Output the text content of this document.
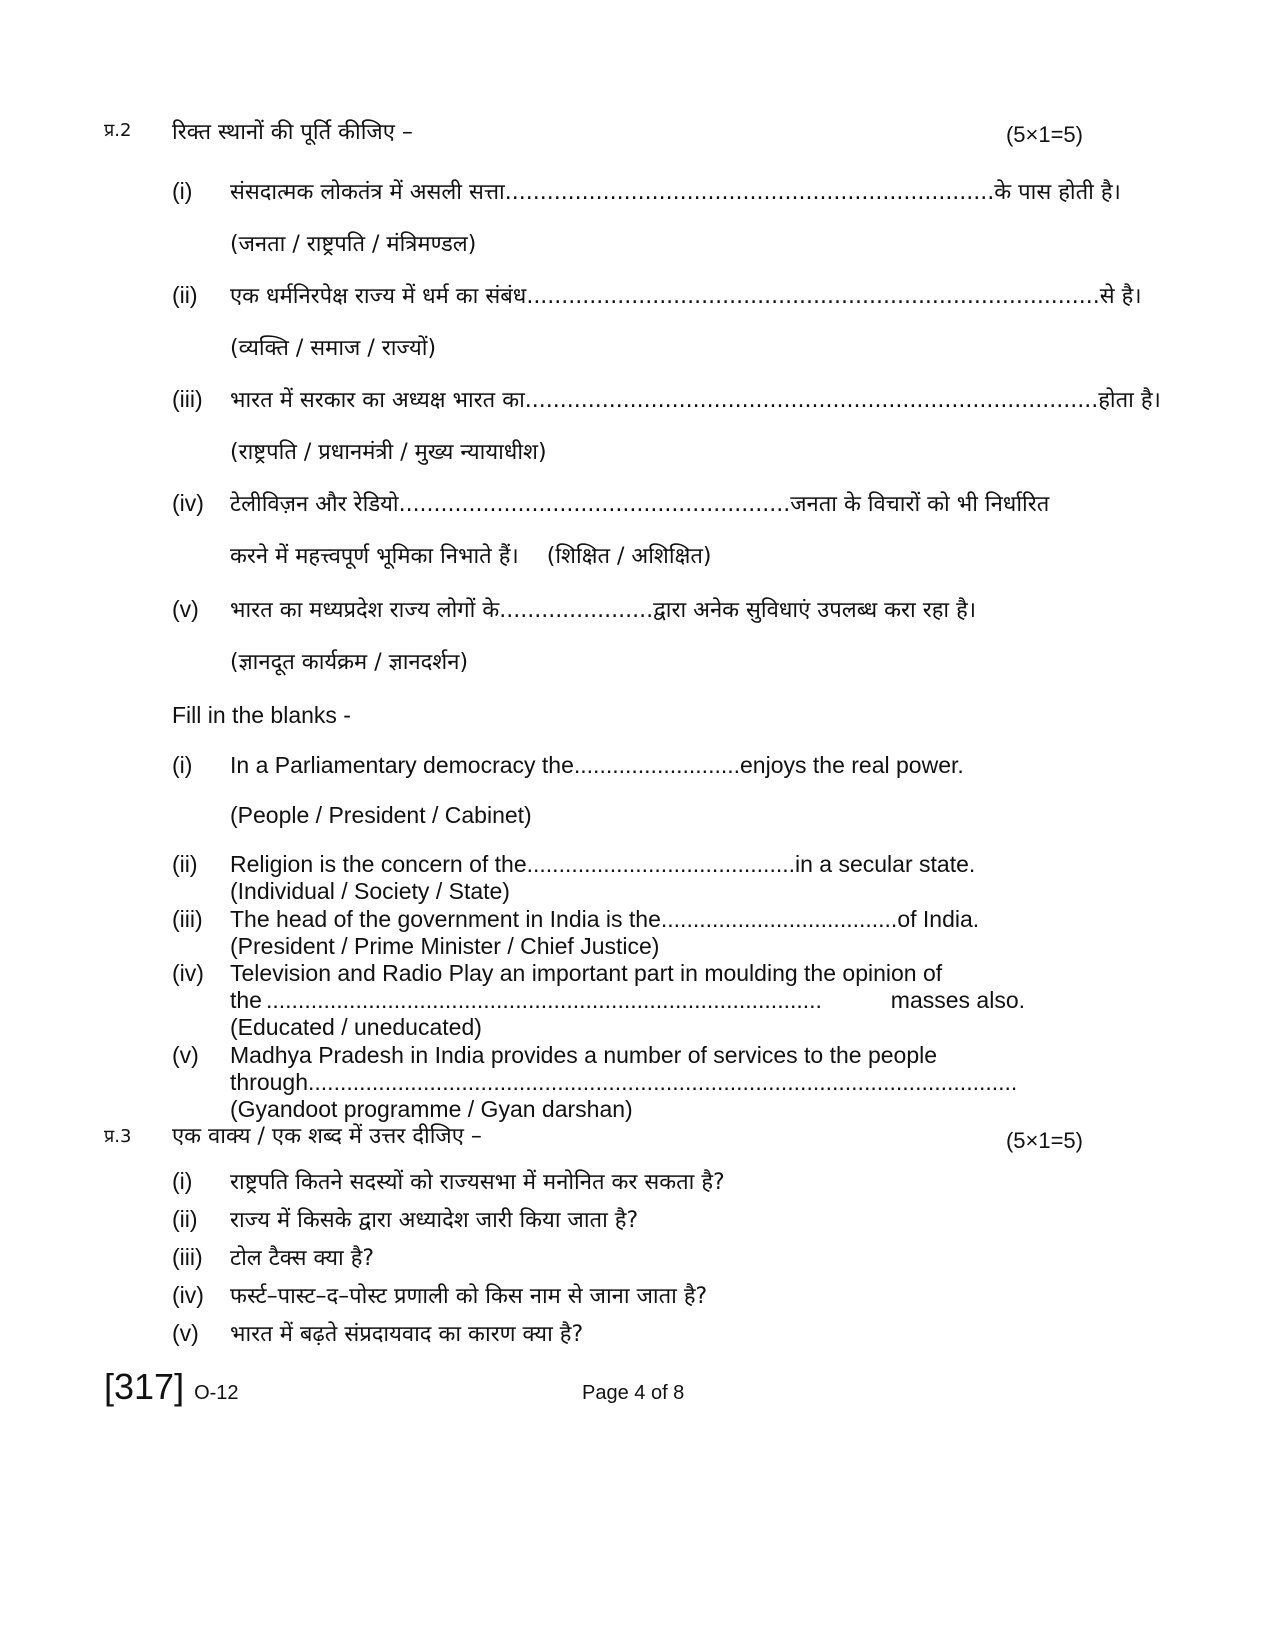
प्र.2 रिक्त स्थानों की पूर्ति कीजिए –	(5×1=5)
(i) संसदात्मक लोकतंत्र में असली सत्ता......................................................................के पास होती है।
(जनता / राष्ट्रपति / मंत्रिमण्डल)
(ii) एक धर्मनिरपेक्ष राज्य में धर्म का संबंध..................................................................................से है।
(व्यक्ति / समाज / राज्यों)
(iii) भारत में सरकार का अध्यक्ष भारत का..................................................................................होता है।
(राष्ट्रपति / प्रधानमंत्री / मुख्य न्यायाधीश)
(iv) टेलीविज़न और रेडियो........................................................जनता के विचारों को भी निर्धारित
करने में महत्त्वपूर्ण भूमिका निभाते हैं। (शिक्षित / अशिक्षित)
(v) भारत का मध्यप्रदेश राज्य लोगों के......................द्वारा अनेक सुविधाएं उपलब्ध करा रहा है।
(ज्ञानदूत कार्यक्रम / ज्ञानदर्शन)
Fill in the blanks -
(i) In a Parliamentary democracy the..........................enjoys the real power.
(People / President / Cabinet)
(ii) Religion is the concern of the..........................................in a secular state.
(Individual / Society / State)
(iii) The head of the government in India is the.....................................of India.
(President / Prime Minister / Chief Justice)
(iv) Television and Radio Play an important part in moulding the opinion of
the .......................................................................................	masses also.
(Educated / uneducated)
(v) Madhya Pradesh in India provides a number of services to the people
through...............................................................................................................
(Gyandoot programme / Gyan darshan)
प्र.3 एक वाक्य / एक शब्द में उत्तर दीजिए –	(5×1=5)
(i) राष्ट्रपति कितने सदस्यों को राज्यसभा में मनोनित कर सकता है?
(ii) राज्य में किसके द्वारा अध्यादेश जारी किया जाता है?
(iii) टोल टैक्स क्या है?
(iv) फर्स्ट–पास्ट–द–पोस्ट प्रणाली को किस नाम से जाना जाता है?
(v) भारत में बढ़ते संप्रदायवाद का कारण क्या है?
[317] O-12	Page 4 of 8
